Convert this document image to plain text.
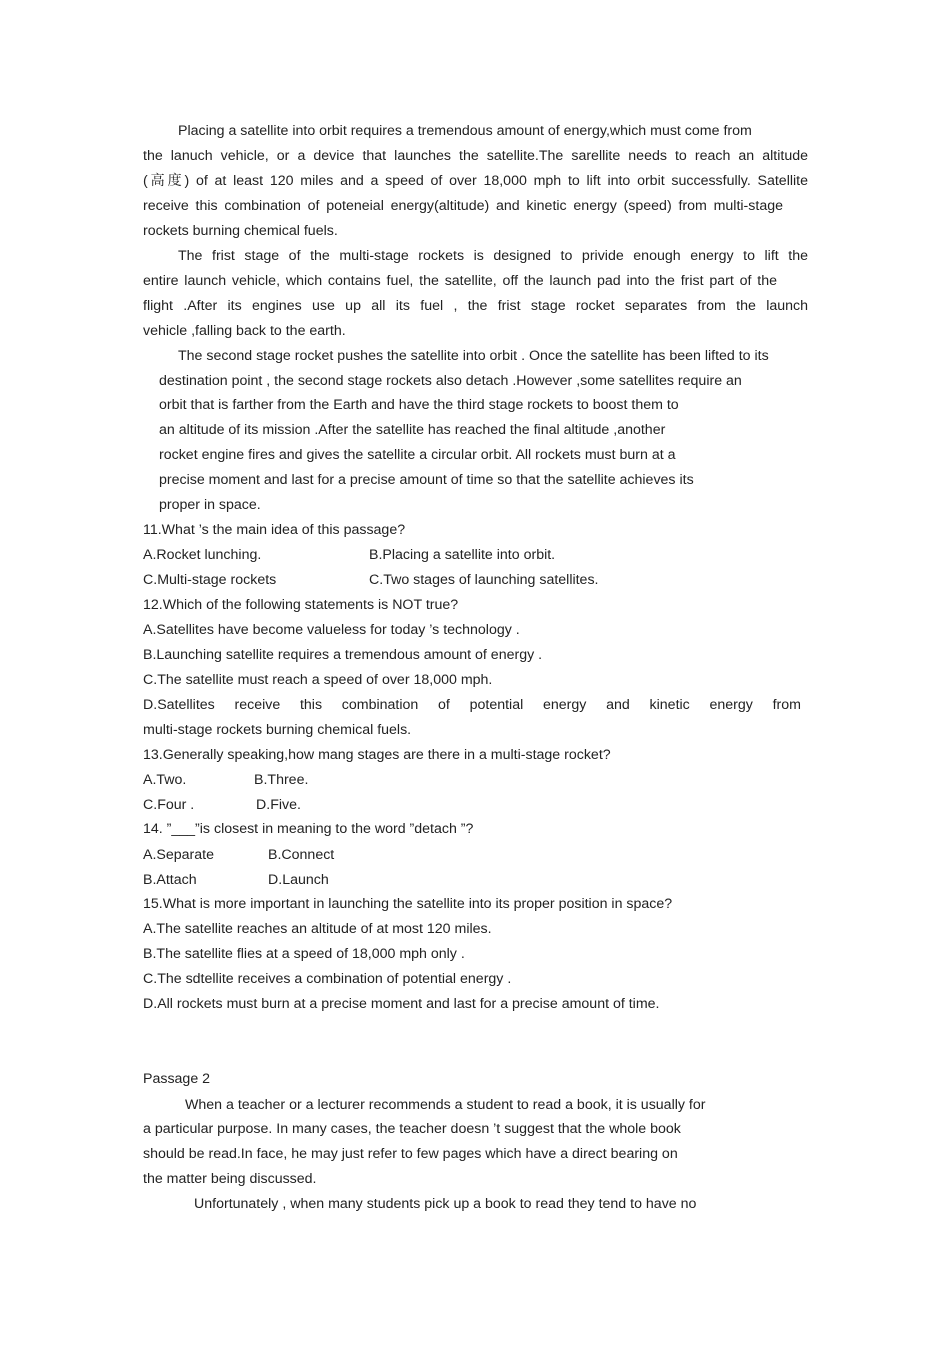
Placing a satellite into orbit requires a tremendous amount of energy,which must come from
the lanuch vehicle, or a device that launches the satellite.The sarellite needs to reach an altitude
(高度) of at least 120 miles and a speed of over 18,000 mph to lift into orbit successfully. Satellite
receive this combination of poteneial energy(altitude) and kinetic energy (speed) from multi-stage
rockets burning chemical fuels.
The frist stage of the multi-stage rockets is designed to privide enough energy to lift the
entire launch vehicle, which contains fuel, the satellite, off the launch pad into the frist part of the
flight .After its engines use up all its fuel , the frist stage rocket separates from the launch
vehicle ,falling back to the earth.
The second stage rocket pushes the satellite into orbit . Once the satellite has been lifted to its
destination point , the second stage rockets also detach .However ,some satellites require an
orbit that is farther from the Earth and have the third stage rockets to boost them to
an altitude of its mission .After the satellite has reached the final altitude ,another
rocket engine fires and gives the satellite a circular orbit. All rockets must burn at a
precise moment and last for a precise amount of time so that the satellite achieves its
proper in space.
11.What ’s the main idea of this passage?
A.Rocket lunching.	B.Placing a satellite into orbit.
C.Multi-stage rockets	C.Two stages of launching satellites.
12.Which of the following statements is NOT true?
A.Satellites have become valueless for today ’s technology .
B.Launching satellite requires a tremendous amount of energy .
C.The satellite must reach a speed of over 18,000 mph.
D.Satellites receive this combination of potential energy and kinetic energy from
multi-stage rockets burning chemical fuels.
13.Generally speaking,how mang stages are there in a multi-stage rocket?
A.Two.	B.Three.
C.Four .	D.Five.
14. ”___”is closest in meaning to the word ”detach ”?
A.Separate	B.Connect
B.Attach	D.Launch
15.What is more important in launching the satellite into its proper position in space?
A.The satellite reaches an altitude of at most 120 miles.
B.The satellite flies at a speed of 18,000 mph only .
C.The sdtellite receives a combination of potential energy .
D.All rockets must burn at a precise moment and last for a precise amount of time.
Passage 2
When a teacher or a lecturer recommends a student to read a book, it is usually for
a particular purpose. In many cases, the teacher doesn ’t suggest that the whole book
should be read.In face, he may just refer to few pages which have a direct bearing on
the matter being discussed.
Unfortunately , when many students pick up a book to read they tend to have no
